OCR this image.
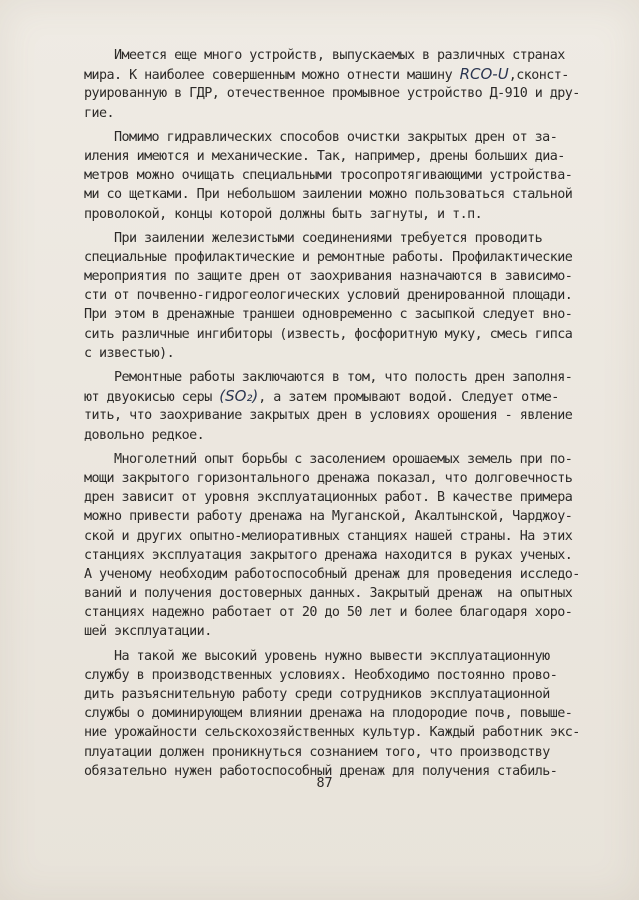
Имеется еще много устройств, выпускаемых в различных странах
мира. К наиболее совершенным можно отнести машину RCO-U,сконст-
руированную в ГДР, отечественное промывное устройство Д-910 и дру-
гие.
Помимо гидравлических способов очистки закрытых дрен от за-
иления имеются и механические. Так, например, дрены больших диа-
метров можно очищать специальными тросопротягивающими устройства-
ми со щетками. При небольшом заилении можно пользоваться стальной
проволокой, концы которой должны быть загнуты, и т.п.
При заилении железистыми соединениями требуется проводить
специальные профилактические и ремонтные работы. Профилактические
мероприятия по защите дрен от заохривания назначаются в зависимо-
сти от почвенно-гидрогеологических условий дренированной площади.
При этом в дренажные траншеи одновременно с засыпкой следует вно-
сить различные ингибиторы (известь, фосфоритную муку, смесь гипса
с известью).
Ремонтные работы заключаются в том, что полость дрен заполня-
ют двуокисью серы (SO₂), а затем промывают водой. Следует отме-
тить, что заохривание закрытых дрен в условиях орошения - явление
довольно редкое.
Многолетний опыт борьбы с засолением орошаемых земель при по-
мощи закрытого горизонтального дренажа показал, что долговечность
дрен зависит от уровня эксплуатационных работ. В качестве примера
можно привести работу дренажа на Муганской, Акалтынской, Чарджоу-
ской и других опытно-мелиоративных станциях нашей страны. На этих
станциях эксплуатация закрытого дренажа находится в руках ученых.
А ученому необходим работоспособный дренаж для проведения исследо-
ваний и получения достоверных данных. Закрытый дренаж  на опытных
станциях надежно работает от 20 до 50 лет и более благодаря хоро-
шей эксплуатации.
На такой же высокий уровень нужно вывести эксплуатационную
службу в производственных условиях. Необходимо постоянно прово-
дить разъяснительную работу среди сотрудников эксплуатационной
службы о доминирующем влиянии дренажа на плодородие почв, повыше-
ние урожайности сельскохозяйственных культур. Каждый работник экс-
плуатации должен проникнуться сознанием того, что производству
обязательно нужен работоспособный дренаж для получения стабиль-
87
